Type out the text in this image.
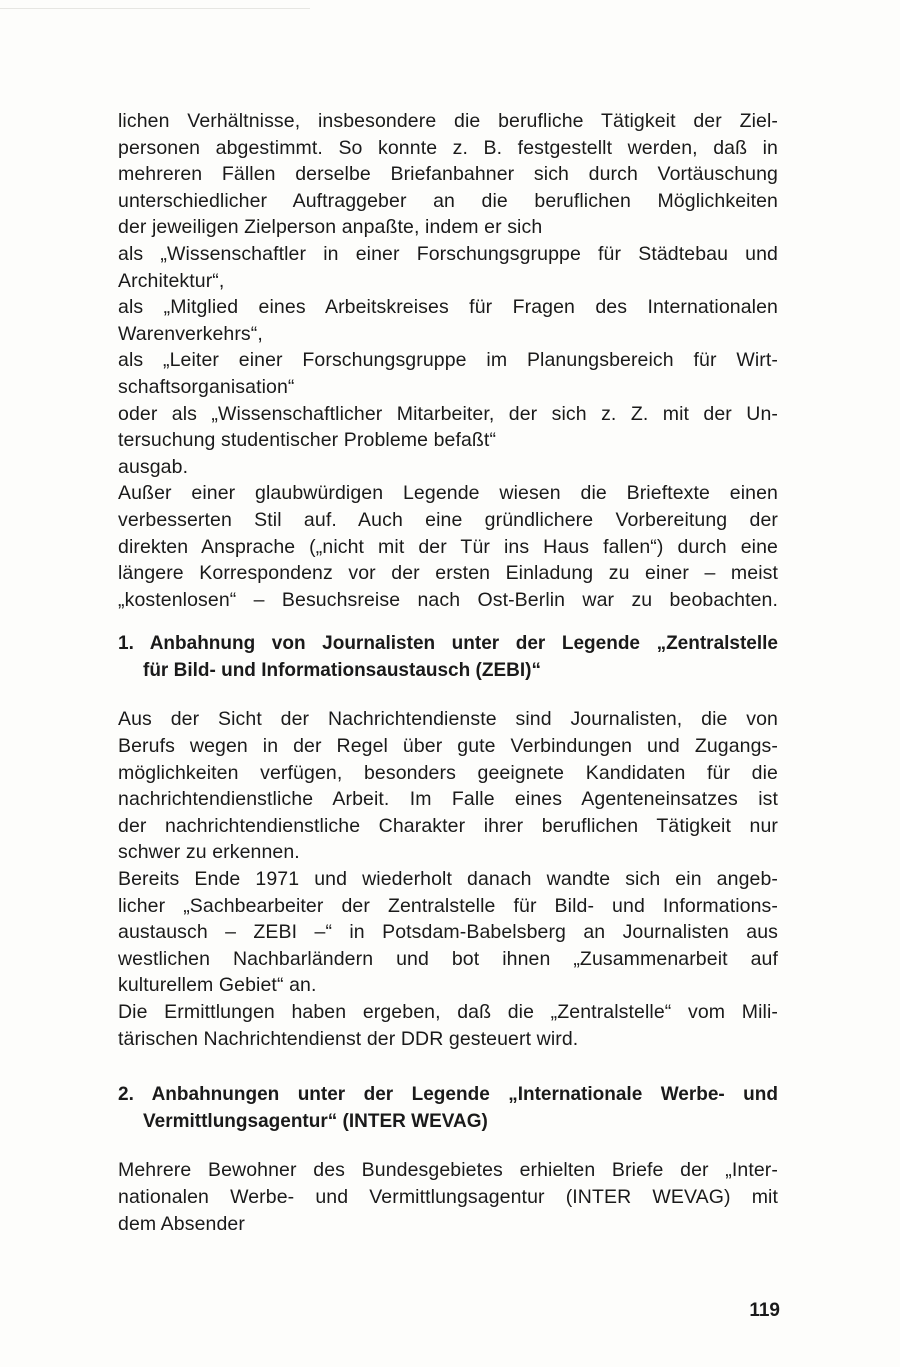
lichen Verhältnisse, insbesondere die berufliche Tätigkeit der Ziel-
personen abgestimmt. So konnte z. B. festgestellt werden, daß in
mehreren Fällen derselbe Briefanbahner sich durch Vortäuschung
unterschiedlicher Auftraggeber an die beruflichen Möglichkeiten
der jeweiligen Zielperson anpaßte, indem er sich
als „Wissenschaftler in einer Forschungsgruppe für Städtebau und
Architektur“,
als „Mitglied eines Arbeitskreises für Fragen des Internationalen
Warenverkehrs“,
als „Leiter einer Forschungsgruppe im Planungsbereich für Wirt-
schaftsorganisation“
oder als „Wissenschaftlicher Mitarbeiter, der sich z. Z. mit der Un-
tersuchung studentischer Probleme befaßt“
ausgab.
Außer einer glaubwürdigen Legende wiesen die Brieftexte einen
verbesserten Stil auf. Auch eine gründlichere Vorbereitung der
direkten Ansprache („nicht mit der Tür ins Haus fallen“) durch eine
längere Korrespondenz vor der ersten Einladung zu einer – meist
„kostenlosen“ – Besuchsreise nach Ost-Berlin war zu beobachten.
1. Anbahnung von Journalisten unter der Legende „Zentralstelle
für Bild- und Informationsaustausch (ZEBI)“
Aus der Sicht der Nachrichtendienste sind Journalisten, die von
Berufs wegen in der Regel über gute Verbindungen und Zugangs-
möglichkeiten verfügen, besonders geeignete Kandidaten für die
nachrichtendienstliche Arbeit. Im Falle eines Agenteneinsatzes ist
der nachrichtendienstliche Charakter ihrer beruflichen Tätigkeit nur
schwer zu erkennen.
Bereits Ende 1971 und wiederholt danach wandte sich ein angeb-
licher „Sachbearbeiter der Zentralstelle für Bild- und Informations-
austausch – ZEBI –“ in Potsdam-Babelsberg an Journalisten aus
westlichen Nachbarländern und bot ihnen „Zusammenarbeit auf
kulturellem Gebiet“ an.
Die Ermittlungen haben ergeben, daß die „Zentralstelle“ vom Mili-
tärischen Nachrichtendienst der DDR gesteuert wird.
2. Anbahnungen unter der Legende „Internationale Werbe- und
Vermittlungsagentur“ (INTER WEVAG)
Mehrere Bewohner des Bundesgebietes erhielten Briefe der „Inter-
nationalen Werbe- und Vermittlungsagentur (INTER WEVAG) mit
dem Absender
119
